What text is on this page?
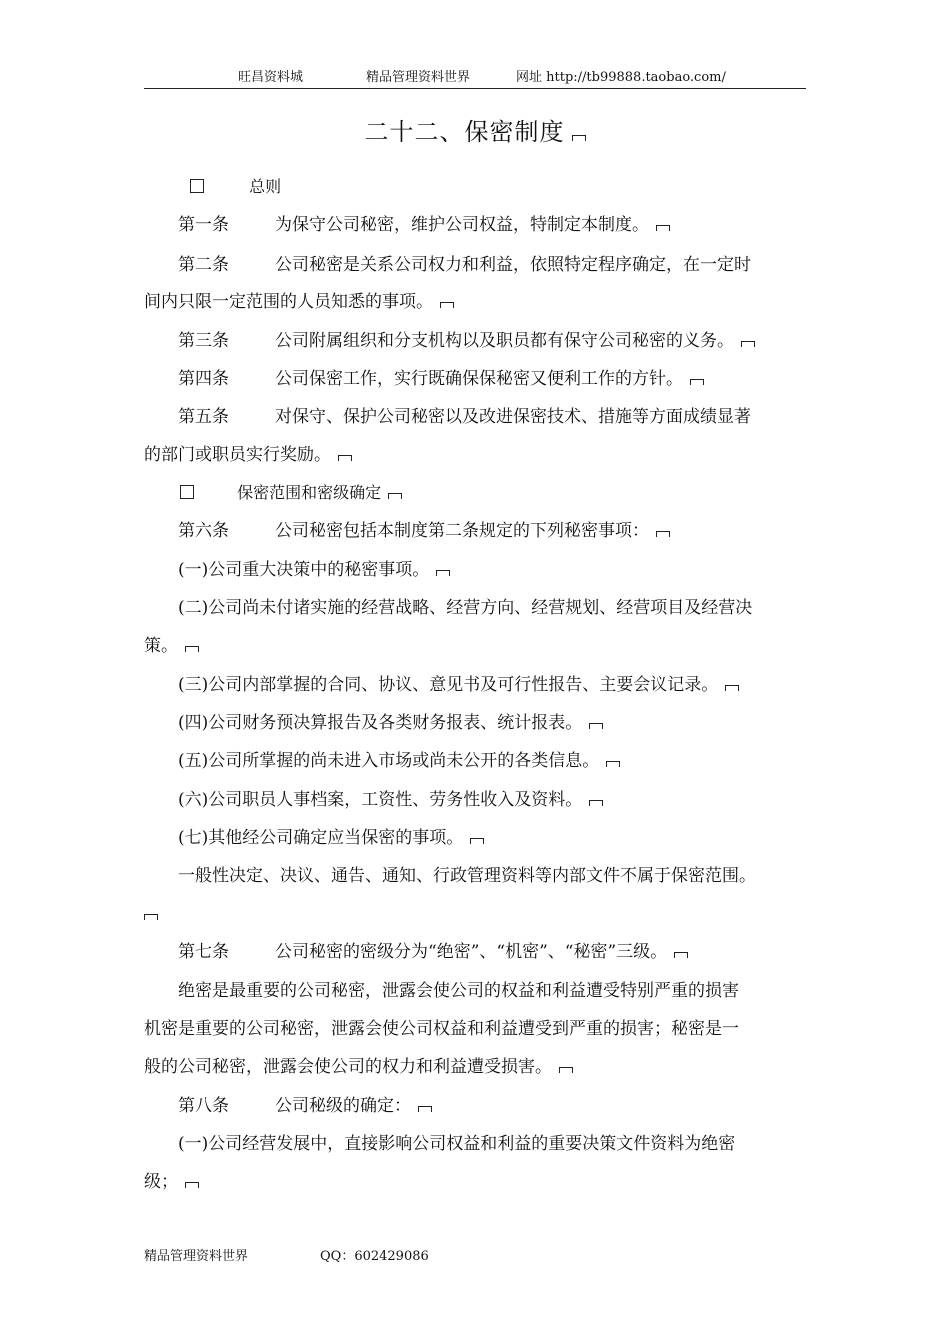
旺昌资料城	精品管理资料世界	网址 http://tb99888.taobao.com/
二十二、保密制度
总则
第一条	为保守公司秘密，维护公司权益，特制定本制度。
第二条	公司秘密是关系公司权力和利益，依照特定程序确定，在一定时
间内只限一定范围的人员知悉的事项。
第三条	公司附属组织和分支机构以及职员都有保守公司秘密的义务。
第四条	公司保密工作，实行既确保保秘密又便利工作的方针。
第五条	对保守、保护公司秘密以及改进保密技术、措施等方面成绩显著
的部门或职员实行奖励。
保密范围和密级确定
第六条	公司秘密包括本制度第二条规定的下列秘密事项：
(一)公司重大决策中的秘密事项。
(二)公司尚未付诸实施的经营战略、经营方向、经营规划、经营项目及经营决
策。
(三)公司内部掌握的合同、协议、意见书及可行性报告、主要会议记录。
(四)公司财务预决算报告及各类财务报表、统计报表。
(五)公司所掌握的尚未进入市场或尚未公开的各类信息。
(六)公司职员人事档案，工资性、劳务性收入及资料。
(七)其他经公司确定应当保密的事项。
一般性决定、决议、通告、通知、行政管理资料等内部文件不属于保密范围。
第七条	公司秘密的密级分为“绝密”、“机密”、“秘密”三级。
绝密是最重要的公司秘密，泄露会使公司的权益和利益遭受特别严重的损害
机密是重要的公司秘密，泄露会使公司权益和利益遭受到严重的损害；秘密是一
般的公司秘密，泄露会使公司的权力和利益遭受损害。
第八条	公司秘级的确定：
(一)公司经营发展中，直接影响公司权益和利益的重要决策文件资料为绝密
级；
精品管理资料世界	QQ：602429086
